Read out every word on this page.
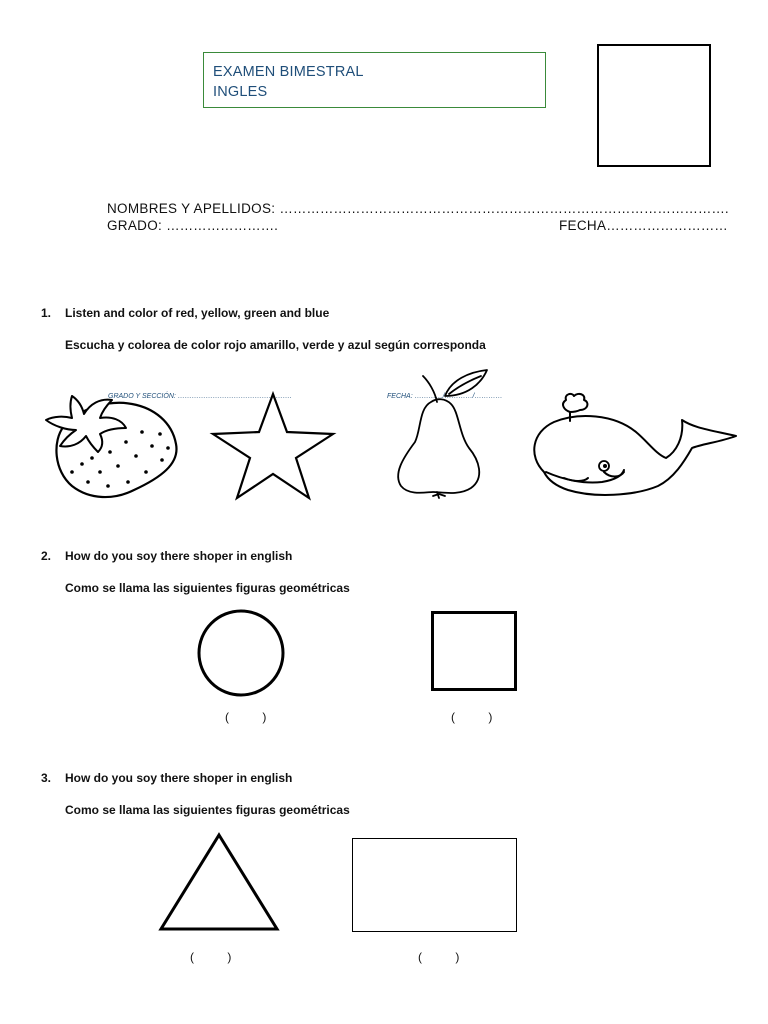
EXAMEN BIMESTRAL
INGLES
NOMBRES Y APELLIDOS: ……………………………………………………………………………………….
GRADO: …………………….	FECHA………………………
1. Listen and color of red, yellow, green and blue
Escucha y colorea de color rojo amarillo, verde y azul según corresponda
GRADO Y SECCIÓN: ………………………………………….	FECHA: …………/…………/…………
2. How do you soy there shoper in english
Como se llama las siguientes figuras geométricas
(          )	(          )
3. How do you soy there shoper in english
Como se llama las siguientes figuras geométricas
(          )	(          )
